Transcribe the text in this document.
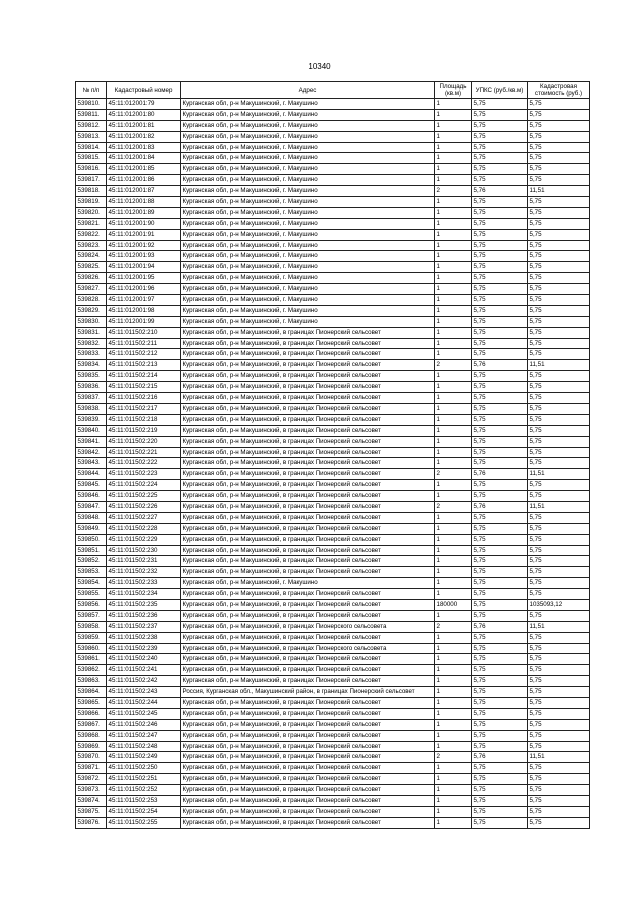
10340
№ п/п	Кадастровый номер	Адрес	Площадь (кв.м)	УПКС (руб./кв.м)	Кадастровая стоимость (руб.)
539810.	45:11:012001:79	Курганская обл, р-н Макушинский, г. Макушино	1	5,75	5,75
539811.	45:11:012001:80	Курганская обл, р-н Макушинский, г. Макушино	1	5,75	5,75
539812.	45:11:012001:81	Курганская обл, р-н Макушинский, г. Макушино	1	5,75	5,75
539813.	45:11:012001:82	Курганская обл, р-н Макушинский, г. Макушино	1	5,75	5,75
539814.	45:11:012001:83	Курганская обл, р-н Макушинский, г. Макушино	1	5,75	5,75
539815.	45:11:012001:84	Курганская обл, р-н Макушинский, г. Макушино	1	5,75	5,75
539816.	45:11:012001:85	Курганская обл, р-н Макушинский, г. Макушино	1	5,75	5,75
539817.	45:11:012001:86	Курганская обл, р-н Макушинский, г. Макушино	1	5,75	5,75
539818.	45:11:012001:87	Курганская обл, р-н Макушинский, г. Макушино	2	5,76	11,51
539819.	45:11:012001:88	Курганская обл, р-н Макушинский, г. Макушино	1	5,75	5,75
539820.	45:11:012001:89	Курганская обл, р-н Макушинский, г. Макушино	1	5,75	5,75
539821.	45:11:012001:90	Курганская обл, р-н Макушинский, г. Макушино	1	5,75	5,75
539822.	45:11:012001:91	Курганская обл, р-н Макушинский, г. Макушино	1	5,75	5,75
539823.	45:11:012001:92	Курганская обл, р-н Макушинский, г. Макушино	1	5,75	5,75
539824.	45:11:012001:93	Курганская обл, р-н Макушинский, г. Макушино	1	5,75	5,75
539825.	45:11:012001:94	Курганская обл, р-н Макушинский, г. Макушино	1	5,75	5,75
539826.	45:11:012001:95	Курганская обл, р-н Макушинский, г. Макушино	1	5,75	5,75
539827.	45:11:012001:96	Курганская обл, р-н Макушинский, г. Макушино	1	5,75	5,75
539828.	45:11:012001:97	Курганская обл, р-н Макушинский, г. Макушино	1	5,75	5,75
539829.	45:11:012001:98	Курганская обл, р-н Макушинский, г. Макушино	1	5,75	5,75
539830.	45:11:012001:99	Курганская обл, р-н Макушинский, г. Макушино	1	5,75	5,75
539831.	45:11:011502:210	Курганская обл, р-н Макушинский, в границах Пионерский сельсовет	1	5,75	5,75
539832.	45:11:011502:211	Курганская обл, р-н Макушинский, в границах Пионерский сельсовет	1	5,75	5,75
539833.	45:11:011502:212	Курганская обл, р-н Макушинский, в границах Пионерский сельсовет	1	5,75	5,75
539834.	45:11:011502:213	Курганская обл, р-н Макушинский, в границах Пионерский сельсовет	2	5,76	11,51
539835.	45:11:011502:214	Курганская обл, р-н Макушинский, в границах Пионерский сельсовет	1	5,75	5,75
539836.	45:11:011502:215	Курганская обл, р-н Макушинский, в границах Пионерский сельсовет	1	5,75	5,75
539837.	45:11:011502:216	Курганская обл, р-н Макушинский, в границах Пионерский сельсовет	1	5,75	5,75
539838.	45:11:011502:217	Курганская обл, р-н Макушинский, в границах Пионерский сельсовет	1	5,75	5,75
539839.	45:11:011502:218	Курганская обл, р-н Макушинский, в границах Пионерский сельсовет	1	5,75	5,75
539840.	45:11:011502:219	Курганская обл, р-н Макушинский, в границах Пионерский сельсовет	1	5,75	5,75
539841.	45:11:011502:220	Курганская обл, р-н Макушинский, в границах Пионерский сельсовет	1	5,75	5,75
539842.	45:11:011502:221	Курганская обл, р-н Макушинский, в границах Пионерский сельсовет	1	5,75	5,75
539843.	45:11:011502:222	Курганская обл, р-н Макушинский, в границах Пионерский сельсовет	1	5,75	5,75
539844.	45:11:011502:223	Курганская обл, р-н Макушинский, в границах Пионерский сельсовет	2	5,76	11,51
539845.	45:11:011502:224	Курганская обл, р-н Макушинский, в границах Пионерский сельсовет	1	5,75	5,75
539846.	45:11:011502:225	Курганская обл, р-н Макушинский, в границах Пионерский сельсовет	1	5,75	5,75
539847.	45:11:011502:226	Курганская обл, р-н Макушинский, в границах Пионерский сельсовет	2	5,76	11,51
539848.	45:11:011502:227	Курганская обл, р-н Макушинский, в границах Пионерский сельсовет	1	5,75	5,75
539849.	45:11:011502:228	Курганская обл, р-н Макушинский, в границах Пионерский сельсовет	1	5,75	5,75
539850.	45:11:011502:229	Курганская обл, р-н Макушинский, в границах Пионерский сельсовет	1	5,75	5,75
539851.	45:11:011502:230	Курганская обл, р-н Макушинский, в границах Пионерский сельсовет	1	5,75	5,75
539852.	45:11:011502:231	Курганская обл, р-н Макушинский, в границах Пионерский сельсовет	1	5,75	5,75
539853.	45:11:011502:232	Курганская обл, р-н Макушинский, в границах Пионерский сельсовет	1	5,75	5,75
539854.	45:11:011502:233	Курганская обл, р-н Макушинский, г. Макушино	1	5,75	5,75
539855.	45:11:011502:234	Курганская обл, р-н Макушинский, в границах Пионерский сельсовет	1	5,75	5,75
539856.	45:11:011502:235	Курганская обл, р-н Макушинский, в границах Пионерский сельсовет	180000	5,75	1035093,12
539857.	45:11:011502:236	Курганская обл, р-н Макушинский, в границах Пионерский сельсовет	1	5,75	5,75
539858.	45:11:011502:237	Курганская обл, р-н Макушинский, в границах Пионерского сельсовета	2	5,76	11,51
539859.	45:11:011502:238	Курганская обл, р-н Макушинский, в границах Пионерский сельсовет	1	5,75	5,75
539860.	45:11:011502:239	Курганская обл, р-н Макушинский, в границах Пионерского сельсовета	1	5,75	5,75
539861.	45:11:011502:240	Курганская обл, р-н Макушинский, в границах Пионерский сельсовет	1	5,75	5,75
539862.	45:11:011502:241	Курганская обл, р-н Макушинский, в границах Пионерский сельсовет	1	5,75	5,75
539863.	45:11:011502:242	Курганская обл, р-н Макушинский, в границах Пионерский сельсовет	1	5,75	5,75
539864.	45:11:011502:243	Россия, Курганская обл., Макушинский район, в границах Пионерский сельсовет	1	5,75	5,75
539865.	45:11:011502:244	Курганская обл, р-н Макушинский, в границах Пионерский сельсовет	1	5,75	5,75
539866.	45:11:011502:245	Курганская обл, р-н Макушинский, в границах Пионерский сельсовет	1	5,75	5,75
539867.	45:11:011502:246	Курганская обл, р-н Макушинский, в границах Пионерский сельсовет	1	5,75	5,75
539868.	45:11:011502:247	Курганская обл, р-н Макушинский, в границах Пионерский сельсовет	1	5,75	5,75
539869.	45:11:011502:248	Курганская обл, р-н Макушинский, в границах Пионерский сельсовет	1	5,75	5,75
539870.	45:11:011502:249	Курганская обл, р-н Макушинский, в границах Пионерский сельсовет	2	5,76	11,51
539871.	45:11:011502:250	Курганская обл, р-н Макушинский, в границах Пионерский сельсовет	1	5,75	5,75
539872.	45:11:011502:251	Курганская обл, р-н Макушинский, в границах Пионерский сельсовет	1	5,75	5,75
539873.	45:11:011502:252	Курганская обл, р-н Макушинский, в границах Пионерский сельсовет	1	5,75	5,75
539874.	45:11:011502:253	Курганская обл, р-н Макушинский, в границах Пионерский сельсовет	1	5,75	5,75
539875.	45:11:011502:254	Курганская обл, р-н Макушинский, в границах Пионерский сельсовет	1	5,75	5,75
539876.	45:11:011502:255	Курганская обл, р-н Макушинский, в границах Пионерский сельсовет	1	5,75	5,75
